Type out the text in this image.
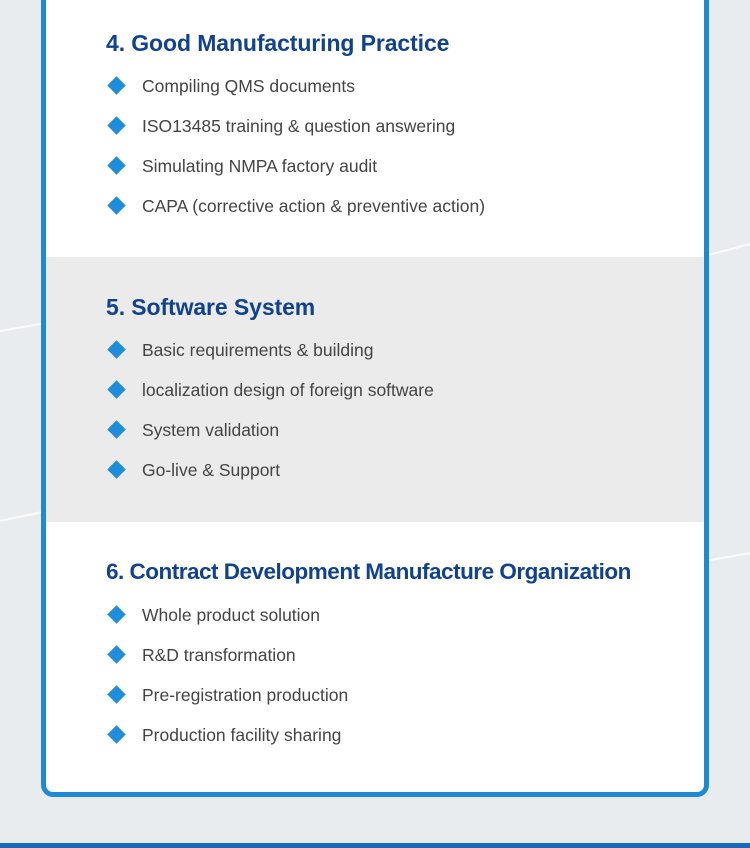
4. Good Manufacturing Practice
Compiling QMS documents
ISO13485 training & question answering
Simulating NMPA factory audit
CAPA (corrective action & preventive action)
5. Software System
Basic requirements & building
localization design of foreign software
System validation
Go-live & Support
6. Contract Development Manufacture Organization
Whole product solution
R&D transformation
Pre-registration production
Production facility sharing
